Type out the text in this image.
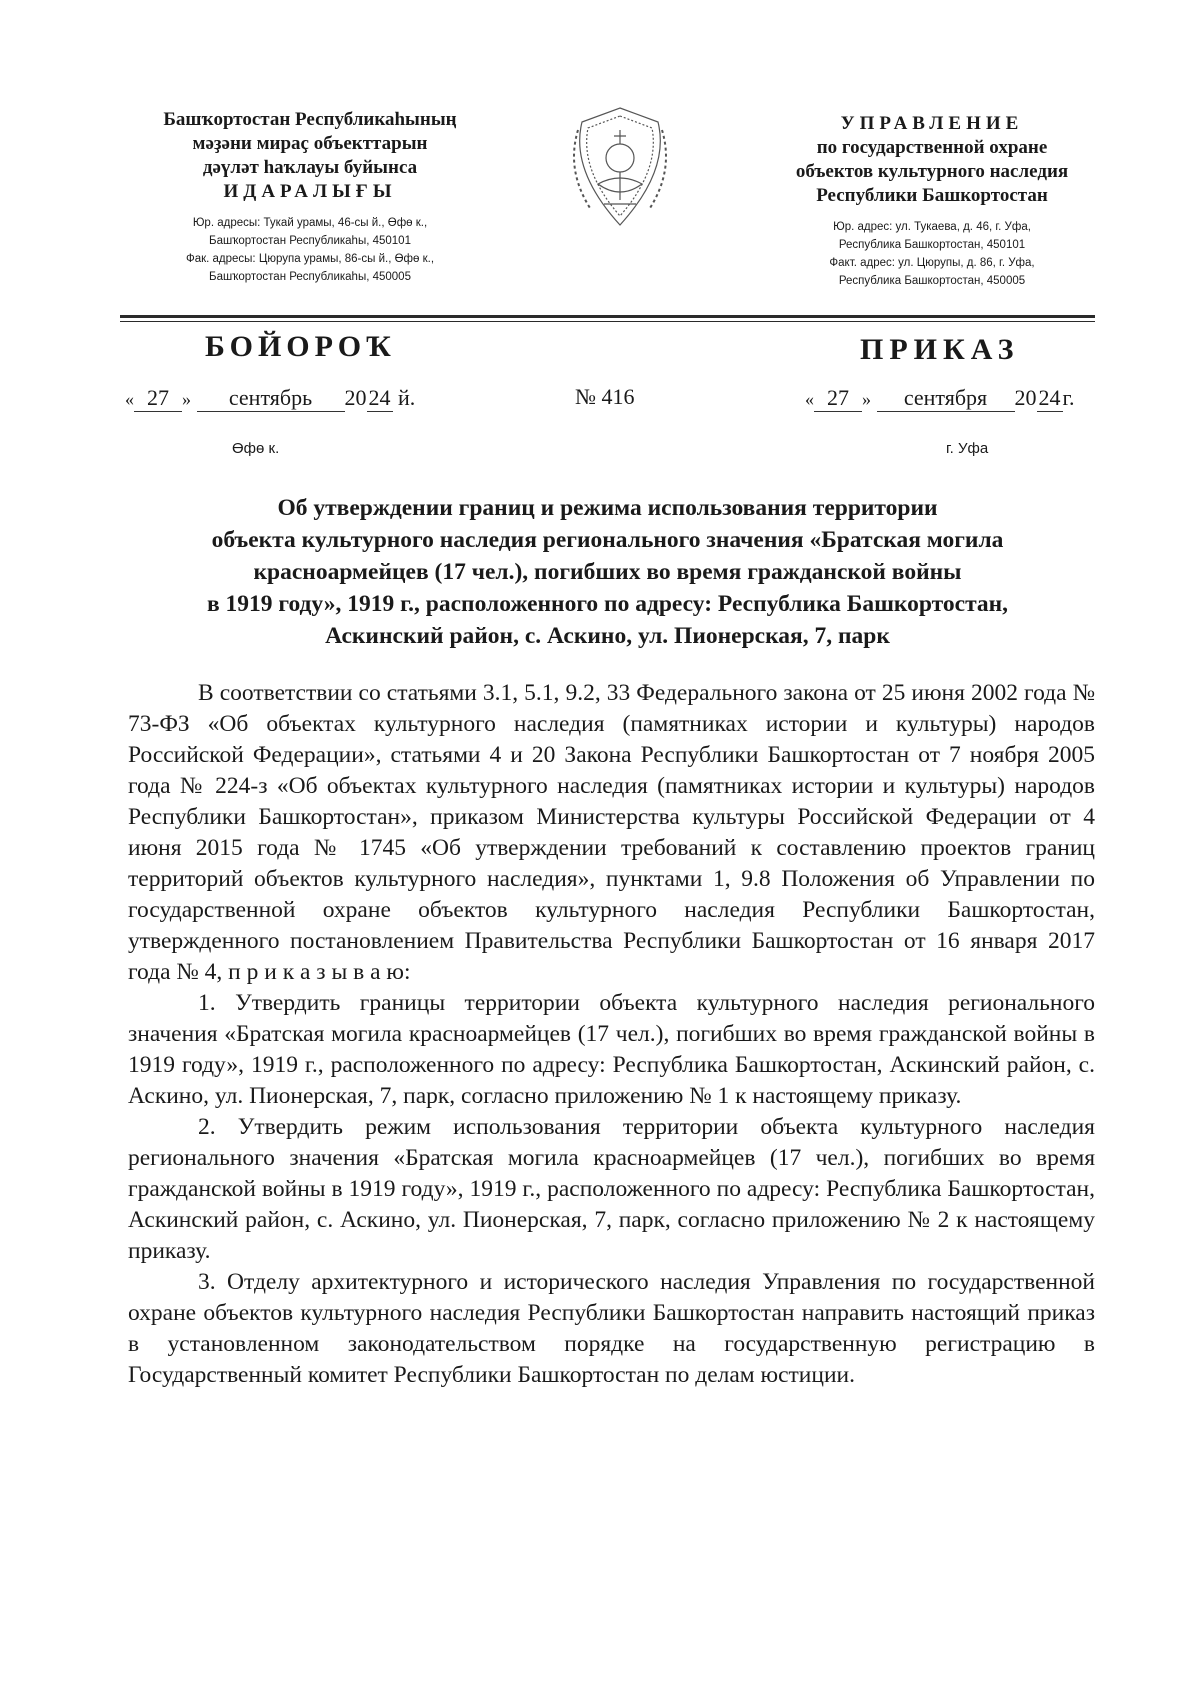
Башҡортостан Республикаһының
мәҙәни мираҫ объекттарын
дәүләт һаҡлауы буйынса
ИДАРАЛЫҒЫ
Юр. адресы: Тукай урамы, 46-сы й., Өфө к.,
Башҡортостан Республикаһы, 450101
Фак. адресы: Цюрупа урамы, 86-сы й., Өфө к.,
Башҡортостан Республикаһы, 450005
УПРАВЛЕНИЕ
по государственной охране
объектов культурного наследия
Республики Башкортостан
Юр. адрес: ул. Тукаева, д. 46, г. Уфа,
Республика Башкортостан, 450101
Факт. адрес: ул. Цюрупы, д. 86, г. Уфа,
Республика Башкортостан, 450005
БОЙОРОҠ	ПРИКАЗ
« 27 » сентябрь 2024 й.	№ 416	« 27 » сентября 2024г.
Өфө к.	г. Уфа
Об утверждении границ и режима использования территории
объекта культурного наследия регионального значения «Братская могила
красноармейцев (17 чел.), погибших во время гражданской войны
в 1919 году», 1919 г., расположенного по адресу: Республика Башкортостан,
Аскинский район, с. Аскино, ул. Пионерская, 7, парк

В соответствии со статьями 3.1, 5.1, 9.2, 33 Федерального закона от 25 июня 2002 года № 73-ФЗ «Об объектах культурного наследия (памятниках истории и культуры) народов Российской Федерации», статьями 4 и 20 Закона Республики Башкортостан от 7 ноября 2005 года № 224-з «Об объектах культурного наследия (памятниках истории и культуры) народов Республики Башкортостан», приказом Министерства культуры Российской Федерации от 4 июня 2015 года № 1745 «Об утверждении требований к составлению проектов границ территорий объектов культурного наследия», пунктами 1, 9.8 Положения об Управлении по государственной охране объектов культурного наследия Республики Башкортостан, утвержденного постановлением Правительства Республики Башкортостан от 16 января 2017 года № 4, п р и к а з ы в а ю:

1. Утвердить границы территории объекта культурного наследия регионального значения «Братская могила красноармейцев (17 чел.), погибших во время гражданской войны в 1919 году», 1919 г., расположенного по адресу: Республика Башкортостан, Аскинский район, с. Аскино, ул. Пионерская, 7, парк, согласно приложению № 1 к настоящему приказу.

2. Утвердить режим использования территории объекта культурного наследия регионального значения «Братская могила красноармейцев (17 чел.), погибших во время гражданской войны в 1919 году», 1919 г., расположенного по адресу: Республика Башкортостан, Аскинский район, с. Аскино, ул. Пионерская, 7, парк, согласно приложению № 2 к настоящему приказу.

3. Отделу архитектурного и исторического наследия Управления по государственной охране объектов культурного наследия Республики Башкортостан направить настоящий приказ в установленном законодательством порядке на государственную регистрацию в Государственный комитет Республики Башкортостан по делам юстиции.
